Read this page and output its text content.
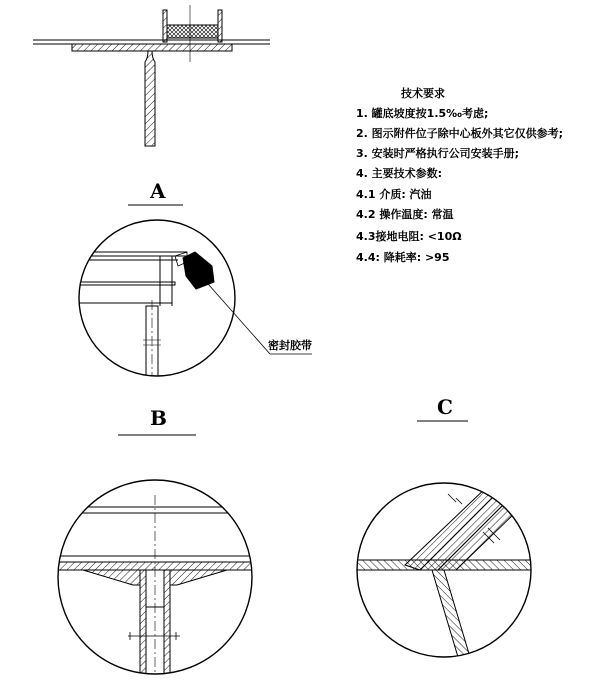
A
密封胶带
技术要求
1. 罐底坡度按1.5‰考虑;
2. 图示附件位子除中心板外其它仅供参考;
3. 安装时严格执行公司安装手册;
4. 主要技术参数:
4.1 介质: 汽油
4.2 操作温度: 常温
4.3接地电阻: <10Ω
4.4: 降耗率: >95
B	C
